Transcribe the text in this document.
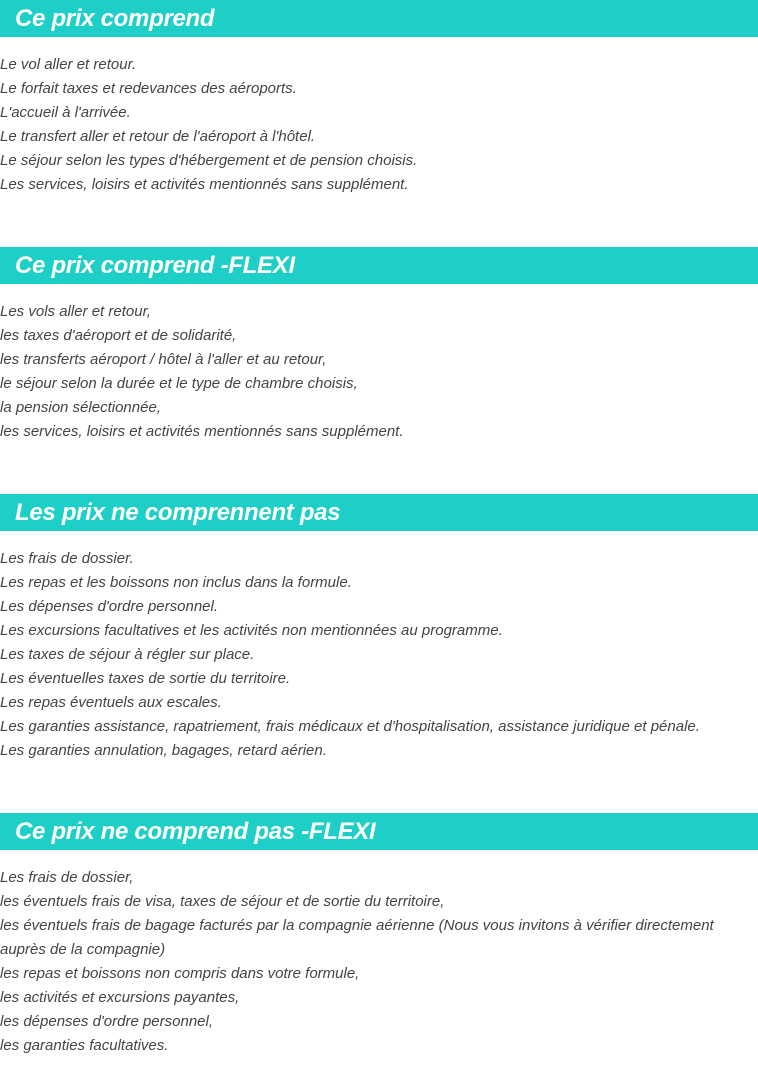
Ce prix comprend
Le vol aller et retour.
Le forfait taxes et redevances des aéroports.
L'accueil à l'arrivée.
Le transfert aller et retour de l'aéroport à l'hôtel.
Le séjour selon les types d'hébergement et de pension choisis.
Les services, loisirs et activités mentionnés sans supplément.
Ce prix comprend -FLEXI
Les vols aller et retour,
les taxes d'aéroport et de solidarité,
les transferts aéroport / hôtel à l'aller et au retour,
le séjour selon la durée et le type de chambre choisis,
la pension sélectionnée,
les services, loisirs et activités mentionnés sans supplément.
Les prix ne comprennent pas
Les frais de dossier.
Les repas et les boissons non inclus dans la formule.
Les dépenses d'ordre personnel.
Les excursions facultatives et les activités non mentionnées au programme.
Les taxes de séjour à régler sur place.
Les éventuelles taxes de sortie du territoire.
Les repas éventuels aux escales.
Les garanties assistance, rapatriement, frais médicaux et d'hospitalisation, assistance juridique et pénale.
Les garanties annulation, bagages, retard aérien.
Ce prix ne comprend pas -FLEXI
Les frais de dossier,
les éventuels frais de visa, taxes de séjour et de sortie du territoire,
les éventuels frais de bagage facturés par la compagnie aérienne (Nous vous invitons à vérifier directement auprès de la compagnie)
les repas et boissons non compris dans votre formule,
les activités et excursions payantes,
les dépenses d'ordre personnel,
les garanties facultatives.
